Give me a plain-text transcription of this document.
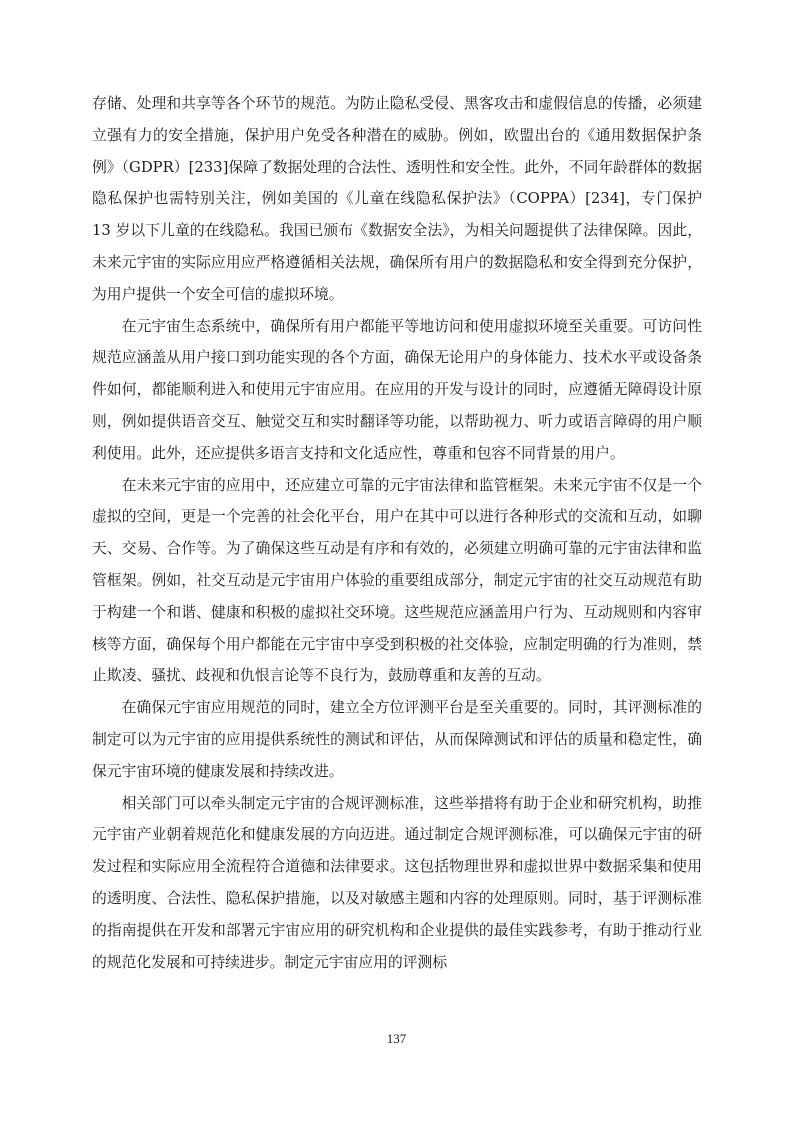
存储、处理和共享等各个环节的规范。为防止隐私受侵、黑客攻击和虚假信息的传播，必须建立强有力的安全措施，保护用户免受各种潜在的威胁。例如，欧盟出台的《通用数据保护条例》（GDPR）[233]保障了数据处理的合法性、透明性和安全性。此外，不同年龄群体的数据隐私保护也需特别关注，例如美国的《儿童在线隐私保护法》（COPPA）[234]，专门保护 13 岁以下儿童的在线隐私。我国已颁布《数据安全法》，为相关问题提供了法律保障。因此，未来元宇宙的实际应用应严格遵循相关法规，确保所有用户的数据隐私和安全得到充分保护，为用户提供一个安全可信的虚拟环境。

在元宇宙生态系统中，确保所有用户都能平等地访问和使用虚拟环境至关重要。可访问性规范应涵盖从用户接口到功能实现的各个方面，确保无论用户的身体能力、技术水平或设备条件如何，都能顺利进入和使用元宇宙应用。在应用的开发与设计的同时，应遵循无障碍设计原则，例如提供语音交互、触觉交互和实时翻译等功能，以帮助视力、听力或语言障碍的用户顺利使用。此外，还应提供多语言支持和文化适应性，尊重和包容不同背景的用户。

在未来元宇宙的应用中，还应建立可靠的元宇宙法律和监管框架。未来元宇宙不仅是一个虚拟的空间，更是一个完善的社会化平台，用户在其中可以进行各种形式的交流和互动，如聊天、交易、合作等。为了确保这些互动是有序和有效的，必须建立明确可靠的元宇宙法律和监管框架。例如，社交互动是元宇宙用户体验的重要组成部分，制定元宇宙的社交互动规范有助于构建一个和谐、健康和积极的虚拟社交环境。这些规范应涵盖用户行为、互动规则和内容审核等方面，确保每个用户都能在元宇宙中享受到积极的社交体验，应制定明确的行为准则，禁止欺凌、骚扰、歧视和仇恨言论等不良行为，鼓励尊重和友善的互动。

在确保元宇宙应用规范的同时，建立全方位评测平台是至关重要的。同时，其评测标准的制定可以为元宇宙的应用提供系统性的测试和评估，从而保障测试和评估的质量和稳定性，确保元宇宙环境的健康发展和持续改进。

相关部门可以牵头制定元宇宙的合规评测标准，这些举措将有助于企业和研究机构，助推元宇宙产业朝着规范化和健康发展的方向迈进。通过制定合规评测标准，可以确保元宇宙的研发过程和实际应用全流程符合道德和法律要求。这包括物理世界和虚拟世界中数据采集和使用的透明度、合法性、隐私保护措施，以及对敏感主题和内容的处理原则。同时，基于评测标准的指南提供在开发和部署元宇宙应用的研究机构和企业提供的最佳实践参考，有助于推动行业的规范化发展和可持续进步。制定元宇宙应用的评测标

137
